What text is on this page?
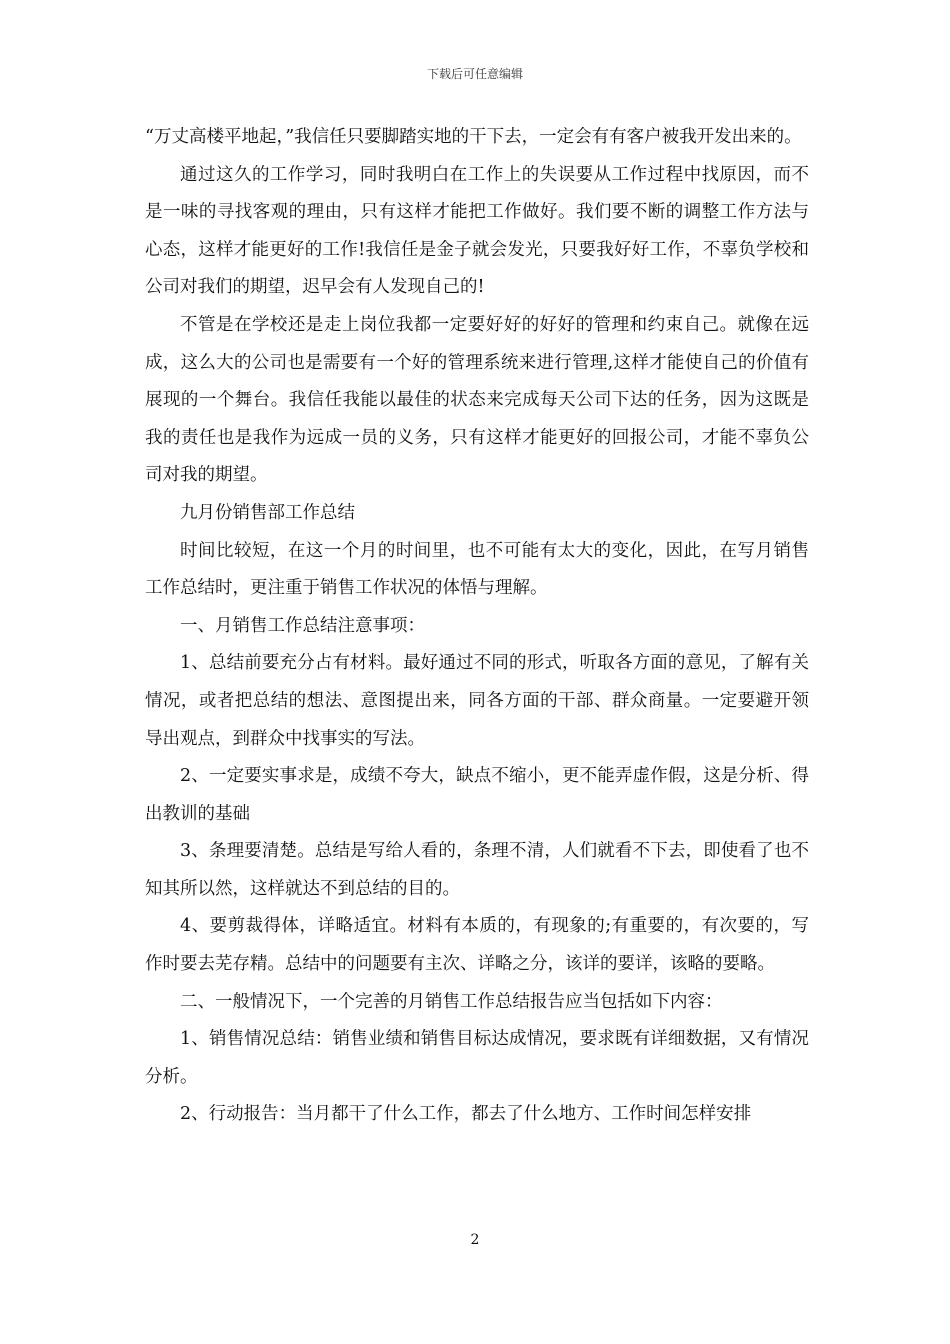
下载后可任意编辑

“万丈高楼平地起，”我信任只要脚踏实地的干下去，一定会有有客户被我开发出来的。

通过这久的工作学习，同时我明白在工作上的失误要从工作过程中找原因，而不是一味的寻找客观的理由，只有这样才能把工作做好。我们要不断的调整工作方法与心态，这样才能更好的工作!我信任是金子就会发光，只要我好好工作，不辜负学校和公司对我们的期望，迟早会有人发现自己的!

不管是在学校还是走上岗位我都一定要好好的好好的管理和约束自己。就像在远成，这么大的公司也是需要有一个好的管理系统来进行管理,这样才能使自己的价值有展现的一个舞台。我信任我能以最佳的状态来完成每天公司下达的任务，因为这既是我的责任也是我作为远成一员的义务，只有这样才能更好的回报公司，才能不辜负公司对我的期望。

九月份销售部工作总结

时间比较短，在这一个月的时间里，也不可能有太大的变化，因此，在写月销售工作总结时，更注重于销售工作状况的体悟与理解。

一、月销售工作总结注意事项：

1、总结前要充分占有材料。最好通过不同的形式，听取各方面的意见，了解有关情况，或者把总结的想法、意图提出来，同各方面的干部、群众商量。一定要避开领导出观点，到群众中找事实的写法。

2、一定要实事求是，成绩不夸大，缺点不缩小，更不能弄虚作假，这是分析、得出教训的基础

3、条理要清楚。总结是写给人看的，条理不清，人们就看不下去，即使看了也不知其所以然，这样就达不到总结的目的。

4、要剪裁得体，详略适宜。材料有本质的，有现象的;有重要的，有次要的，写作时要去芜存精。总结中的问题要有主次、详略之分，该详的要详，该略的要略。

二、一般情况下，一个完善的月销售工作总结报告应当包括如下内容：

1、销售情况总结：销售业绩和销售目标达成情况，要求既有详细数据，又有情况分析。

2、行动报告：当月都干了什么工作，都去了什么地方、工作时间怎样安排

2
